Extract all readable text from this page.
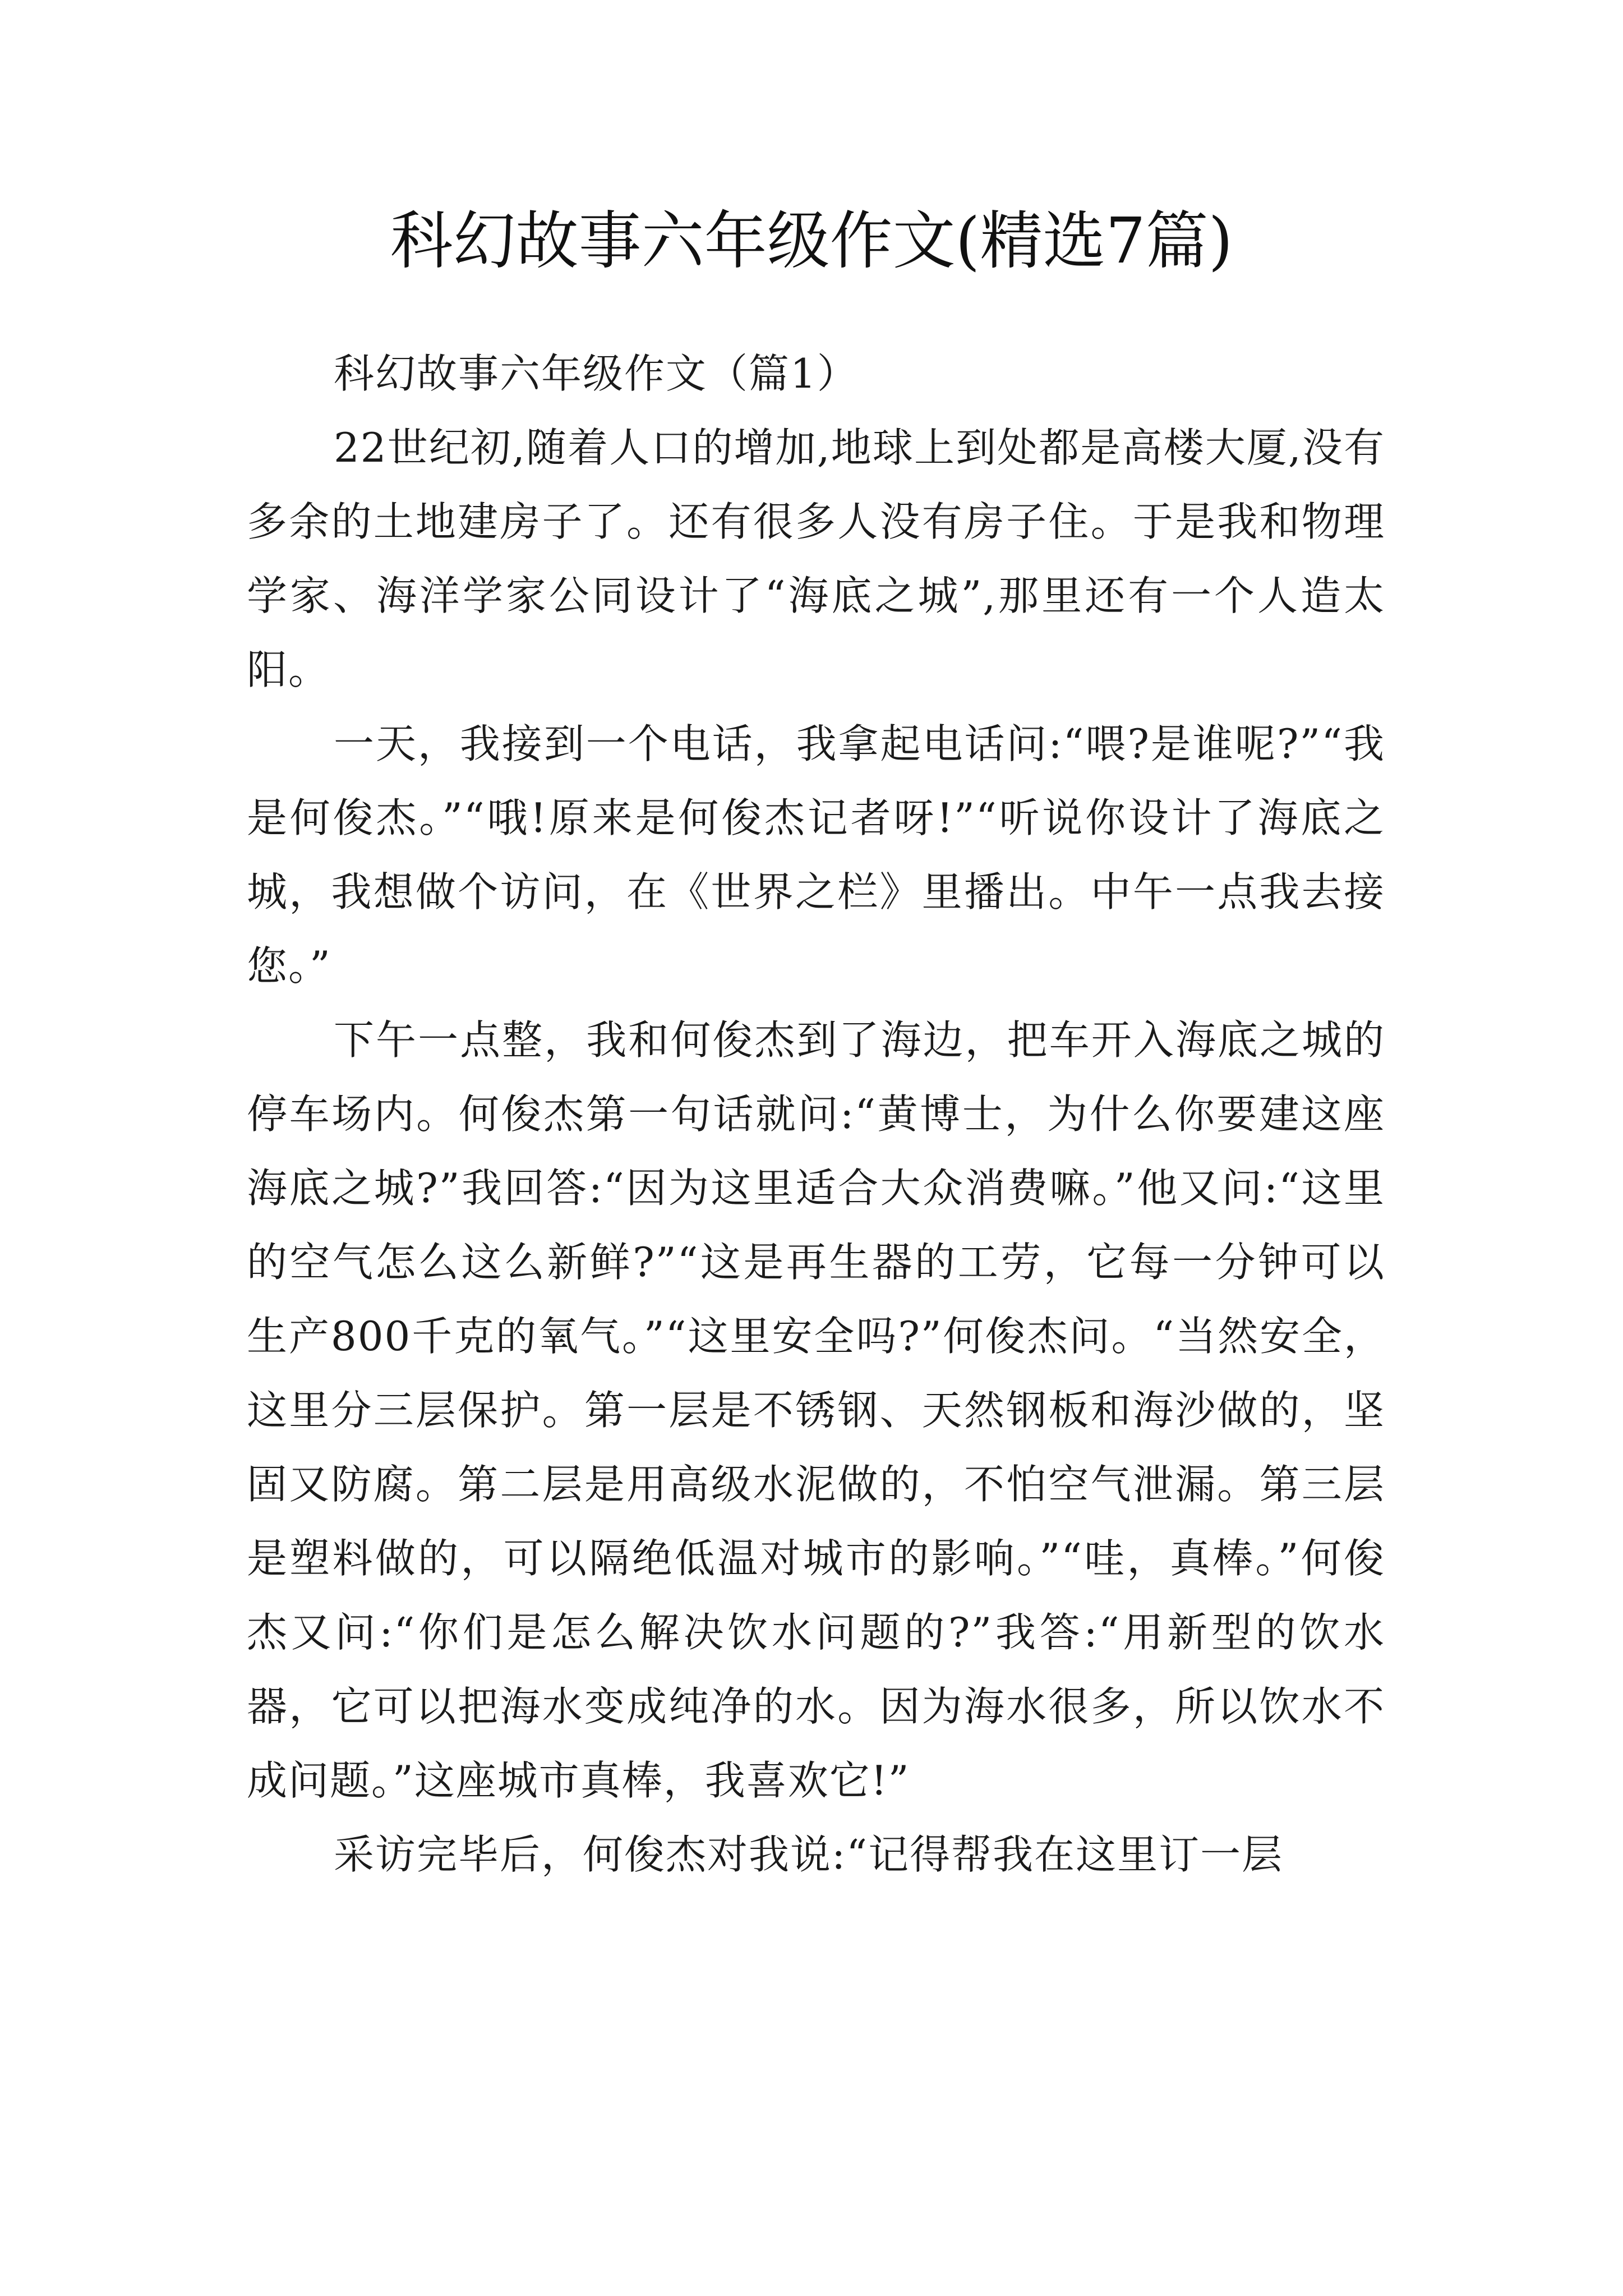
科幻故事六年级作文(精选7篇)

科幻故事六年级作文（篇1）

22世纪初,随着人口的增加,地球上到处都是高楼大厦,没有多余的土地建房子了。还有很多人没有房子住。于是我和物理学家、海洋学家公同设计了“海底之城”,那里还有一个人造太阳。

一天，我接到一个电话，我拿起电话问:“喂?是谁呢?”“我是何俊杰。”“哦!原来是何俊杰记者呀!”“听说你设计了海底之城，我想做个访问，在《世界之栏》里播出。中午一点我去接您。”

下午一点整，我和何俊杰到了海边，把车开入海底之城的停车场内。何俊杰第一句话就问:“黄博士，为什么你要建这座海底之城?”我回答:“因为这里适合大众消费嘛。”他又问:“这里的空气怎么这么新鲜?”“这是再生器的工劳，它每一分钟可以生产800千克的氧气。”“这里安全吗?”何俊杰问。“当然安全，这里分三层保护。第一层是不锈钢、天然钢板和海沙做的，坚固又防腐。第二层是用高级水泥做的，不怕空气泄漏。第三层是塑料做的，可以隔绝低温对城市的影响。”“哇，真棒。”何俊杰又问:“你们是怎么解决饮水问题的?”我答:“用新型的饮水器，它可以把海水变成纯净的水。因为海水很多，所以饮水不成问题。”这座城市真棒，我喜欢它!”

采访完毕后，何俊杰对我说:“记得帮我在这里订一层
